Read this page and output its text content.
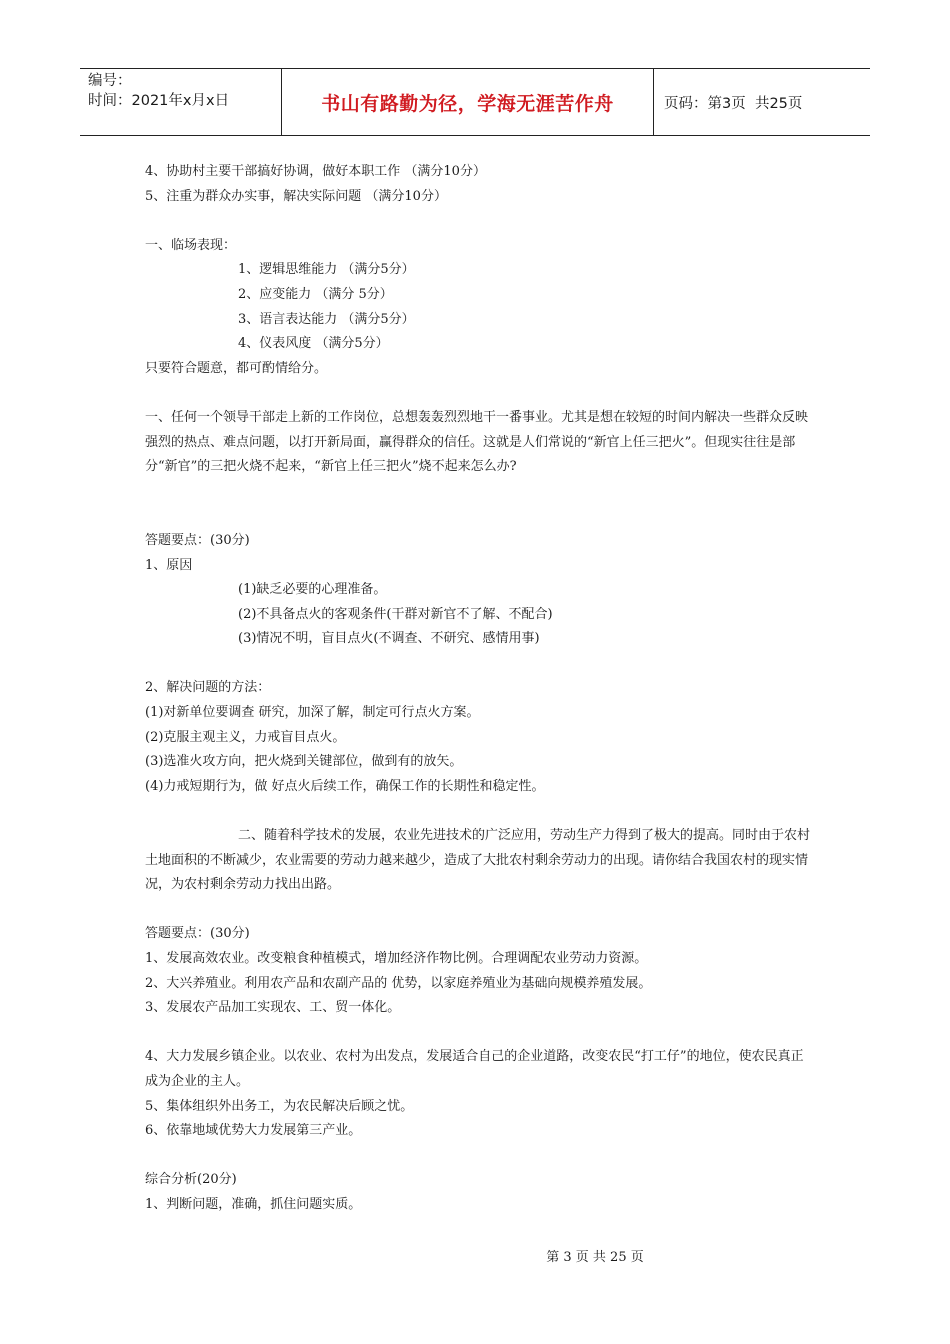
编号：
时间：2021年x月x日	书山有路勤为径，学海无涯苦作舟	页码：第3页  共25页

4、协助村主要干部搞好协调，做好本职工作 （满分10分）

5、注重为群众办实事，解决实际问题 （满分10分）

一、临场表现：

1、逻辑思维能力 （满分5分）

2、应变能力 （满分 5分）

3、语言表达能力 （满分5分）

4、仪表风度 （满分5分）

只要符合题意，都可酌情给分。

一、任何一个领导干部走上新的工作岗位，总想轰轰烈烈地干一番事业。尤其是想在较短的时间内解决一些群众反映强烈的热点、难点问题，以打开新局面，赢得群众的信任。这就是人们常说的“新官上任三把火”。但现实往往是部分“新官”的三把火烧不起来，“新官上任三把火”烧不起来怎么办?

答题要点：(30分)

1、原因

(1)缺乏必要的心理准备。

(2)不具备点火的客观条件(干群对新官不了解、不配合)

(3)情况不明，盲目点火(不调查、不研究、感情用事)

2、解决问题的方法：

(1)对新单位要调查 研究，加深了解，制定可行点火方案。

(2)克服主观主义，力戒盲目点火。

(3)选准火攻方向，把火烧到关键部位，做到有的放矢。

(4)力戒短期行为，做 好点火后续工作，确保工作的长期性和稳定性。

二、随着科学技术的发展，农业先进技术的广泛应用，劳动生产力得到了极大的提高。同时由于农村土地面积的不断减少，农业需要的劳动力越来越少，造成了大批农村剩余劳动力的出现。请你结合我国农村的现实情况，为农村剩余劳动力找出出路。

答题要点：(30分)

1、发展高效农业。改变粮食种植模式，增加经济作物比例。合理调配农业劳动力资源。

2、大兴养殖业。利用农产品和农副产品的 优势，以家庭养殖业为基础向规模养殖发展。

3、发展农产品加工实现农、工、贸一体化。

4、大力发展乡镇企业。以农业、农村为出发点，发展适合自己的企业道路，改变农民“打工仔”的地位，使农民真正成为企业的主人。

5、集体组织外出务工，为农民解决后顾之忧。

6、依靠地域优势大力发展第三产业。

综合分析(20分)

1、判断问题，准确，抓住问题实质。

第 3 页 共 25 页
